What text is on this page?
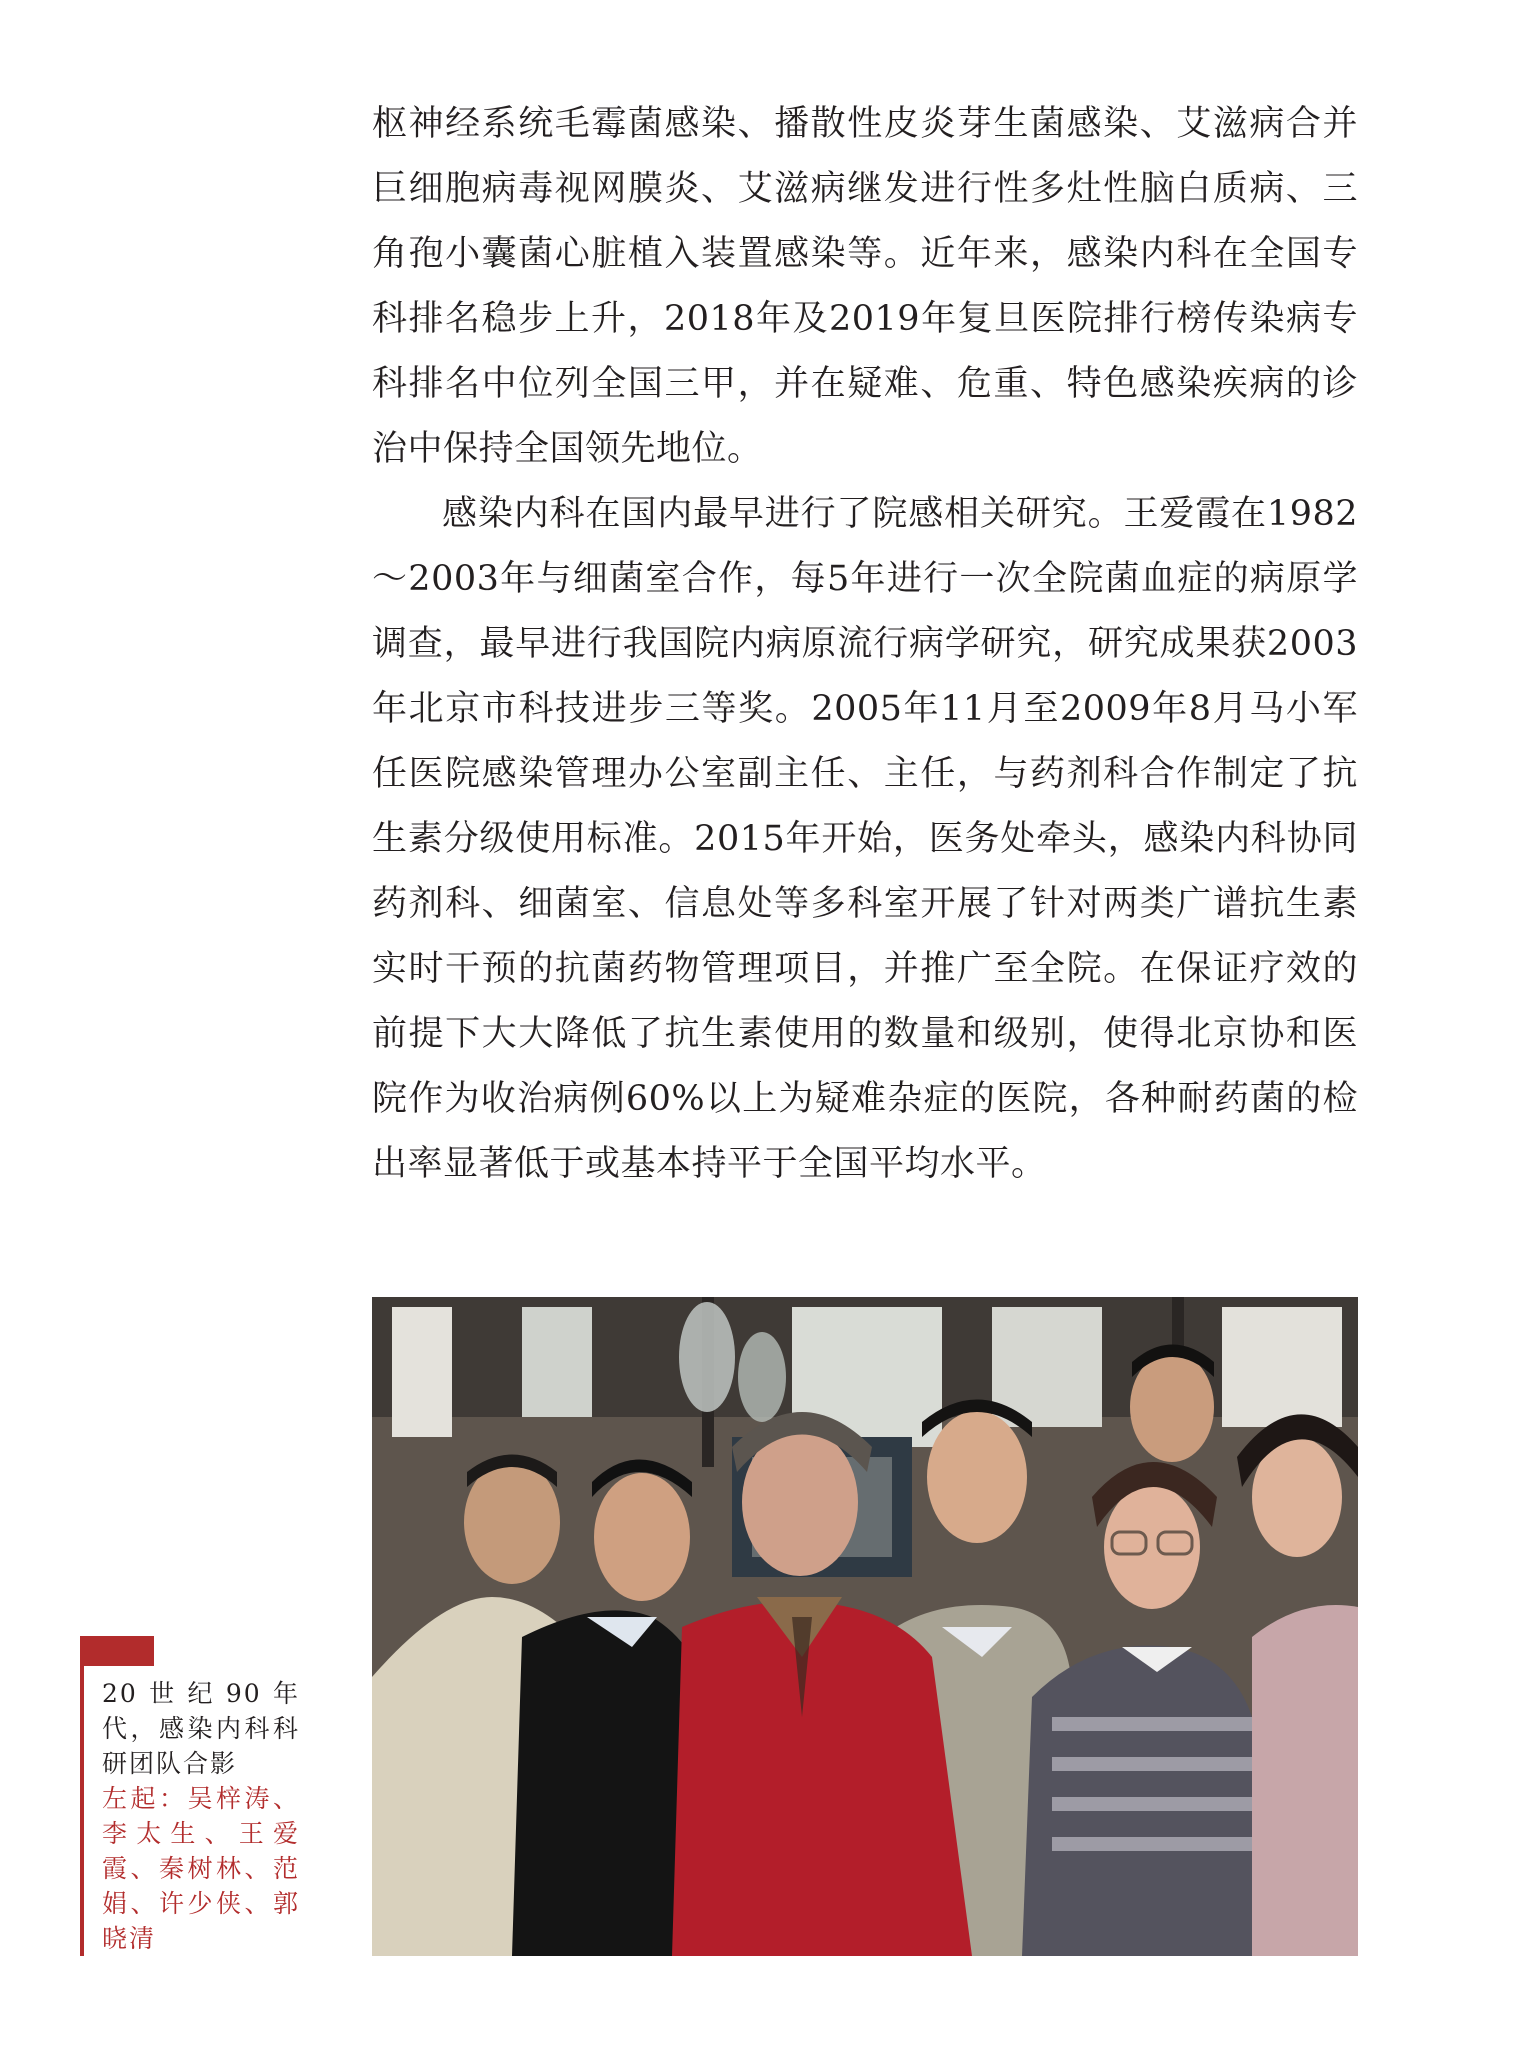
枢神经系统毛霉菌感染、播散性皮炎芽生菌感染、艾滋病合并巨细胞病毒视网膜炎、艾滋病继发进行性多灶性脑白质病、三角孢小囊菌心脏植入装置感染等。近年来，感染内科在全国专科排名稳步上升，2018年及2019年复旦医院排行榜传染病专科排名中位列全国三甲，并在疑难、危重、特色感染疾病的诊治中保持全国领先地位。

感染内科在国内最早进行了院感相关研究。王爱霞在1982～2003年与细菌室合作，每5年进行一次全院菌血症的病原学调查，最早进行我国院内病原流行病学研究，研究成果获2003年北京市科技进步三等奖。2005年11月至2009年8月马小军任医院感染管理办公室副主任、主任，与药剂科合作制定了抗生素分级使用标准。2015年开始，医务处牵头，感染内科协同药剂科、细菌室、信息处等多科室开展了针对两类广谱抗生素实时干预的抗菌药物管理项目，并推广至全院。在保证疗效的前提下大大降低了抗生素使用的数量和级别，使得北京协和医院作为收治病例60%以上为疑难杂症的医院，各种耐药菌的检出率显著低于或基本持平于全国平均水平。

20世纪90年代，感染内科科研团队合影
左起：吴梓涛、李太生、王爱霞、秦树林、范娟、许少侠、郭晓清
